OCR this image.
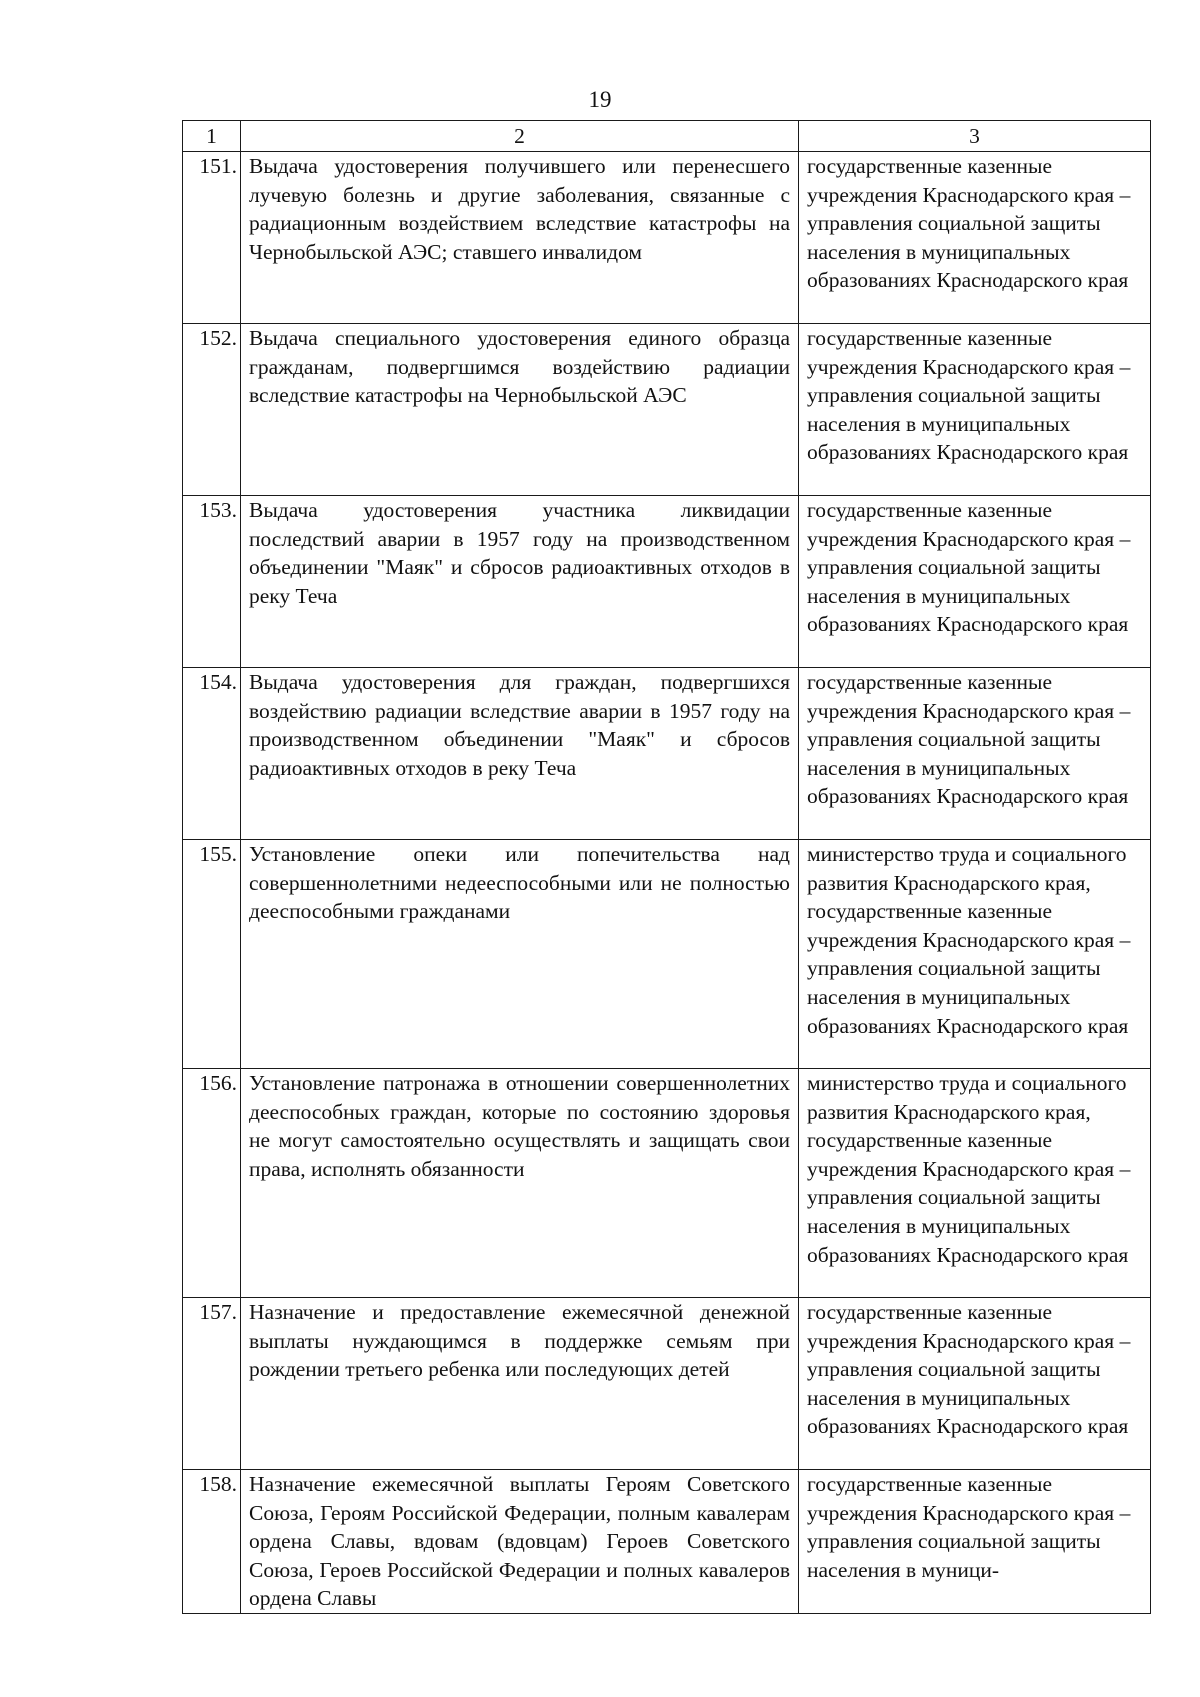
19
1	2	3
151.	Выдача удостоверения получившего или перенесшего лучевую болезнь и другие заболевания, связанные с радиационным воздействием вследствие катастрофы на Чернобыльской АЭС; ставшего инвалидом	государственные казенные учреждения Краснодарского края – управления социальной защиты населения в муниципальных образованиях Краснодарского края
152.	Выдача специального удостоверения единого образца гражданам, подвергшимся воздействию радиации вследствие катастрофы на Чернобыльской АЭС	государственные казенные учреждения Краснодарского края – управления социальной защиты населения в муниципальных образованиях Краснодарского края
153.	Выдача удостоверения участника ликвидации последствий аварии в 1957 году на производственном объединении "Маяк" и сбросов радиоактивных отходов в реку Теча	государственные казенные учреждения Краснодарского края – управления социальной защиты населения в муниципальных образованиях Краснодарского края
154.	Выдача удостоверения для граждан, подвергшихся воздействию радиации вследствие аварии в 1957 году на производственном объединении "Маяк" и сбросов радиоактивных отходов в реку Теча	государственные казенные учреждения Краснодарского края – управления социальной защиты населения в муниципальных образованиях Краснодарского края
155.	Установление опеки или попечительства над совершеннолетними недееспособными или не полностью дееспособными гражданами	министерство труда и социального развития Краснодарского края, государственные казенные учреждения Краснодарского края – управления социальной защиты населения в муниципальных образованиях Краснодарского края
156.	Установление патронажа в отношении совершеннолетних дееспособных граждан, которые по состоянию здоровья не могут самостоятельно осуществлять и защищать свои права, исполнять обязанности	министерство труда и социального развития Краснодарского края, государственные казенные учреждения Краснодарского края – управления социальной защиты населения в муниципальных образованиях Краснодарского края
157.	Назначение и предоставление ежемесячной денежной выплаты нуждающимся в поддержке семьям при рождении третьего ребенка или последующих детей	государственные казенные учреждения Краснодарского края – управления социальной защиты населения в муниципальных образованиях Краснодарского края
158.	Назначение ежемесячной выплаты Героям Советского Союза, Героям Российской Федерации, полным кавалерам ордена Славы, вдовам (вдовцам) Героев Советского Союза, Героев Российской Федерации и полных кавалеров ордена Славы	государственные казенные учреждения Краснодарского края – управления социальной защиты населения в муници-
